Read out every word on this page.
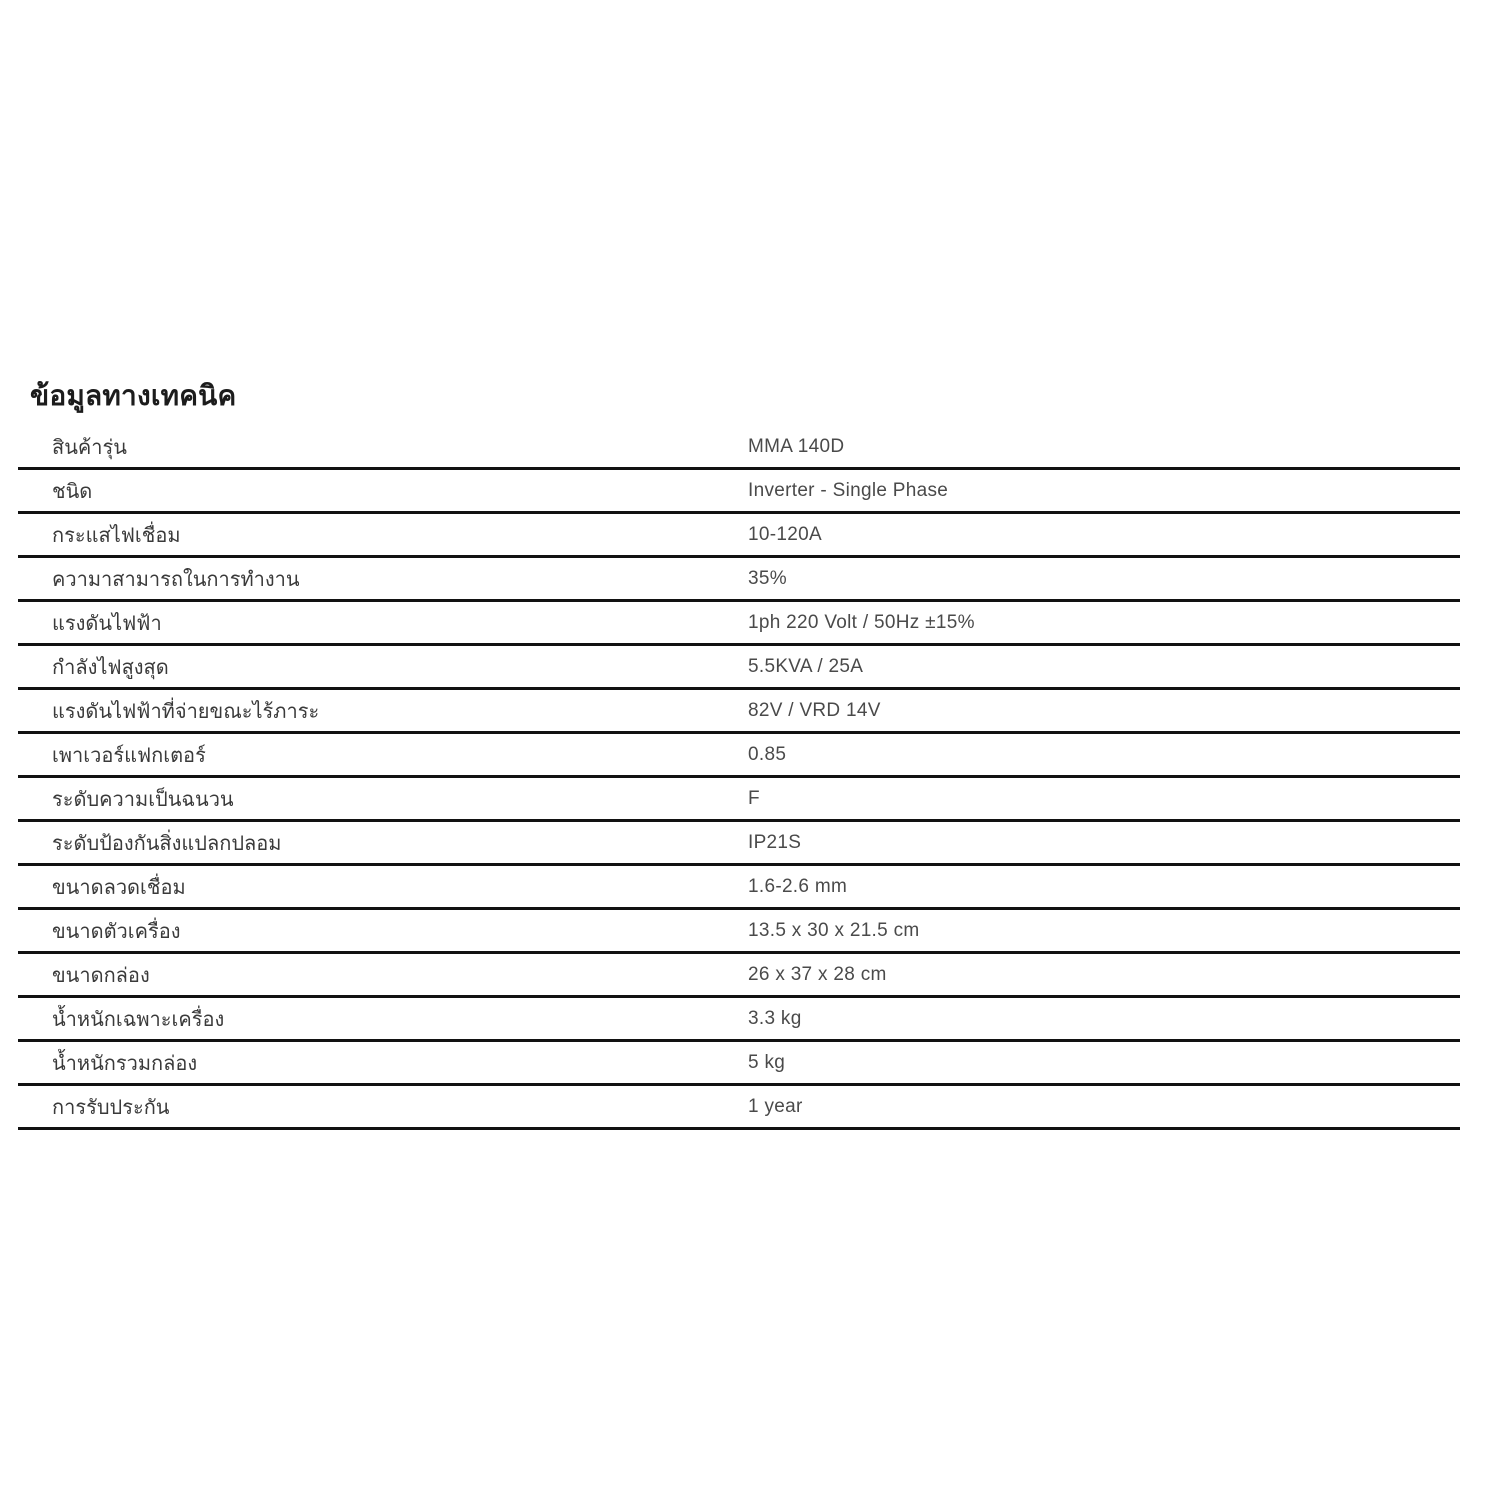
ข้อมูลทางเทคนิค
สินค้ารุ่น	MMA 140D
ชนิด	Inverter - Single Phase
กระแสไฟเชื่อม	10-120A
ความาสามารถในการทำงาน	35%
แรงดันไฟฟ้า	1ph 220 Volt / 50Hz ±15%
กำลังไฟสูงสุด	5.5KVA / 25A
แรงดันไฟฟ้าที่จ่ายขณะไร้ภาระ	82V / VRD 14V
เพาเวอร์แฟกเตอร์	0.85
ระดับความเป็นฉนวน	F
ระดับป้องกันสิ่งแปลกปลอม	IP21S
ขนาดลวดเชื่อม	1.6-2.6 mm
ขนาดตัวเครื่อง	13.5 x 30 x 21.5 cm
ขนาดกล่อง	26 x 37 x 28 cm
น้ำหนักเฉพาะเครื่อง	3.3 kg
น้ำหนักรวมกล่อง	5 kg
การรับประกัน	1 year
